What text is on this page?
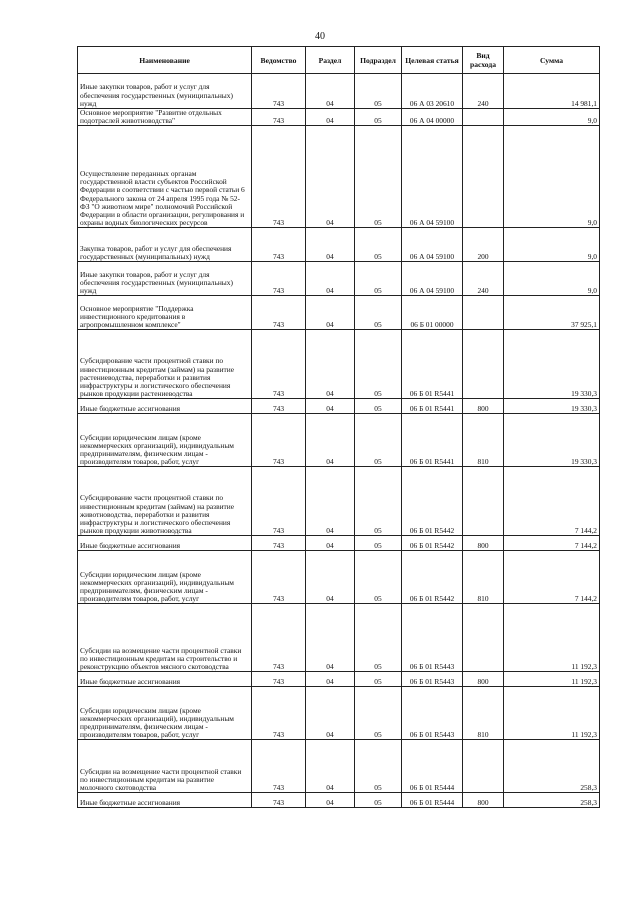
40
Наименование	Ведомство	Раздел	Подраздел	Целевая статья	Вид расхода	Сумма
Иные закупки товаров, работ и услуг для обеспечения государственных (муниципальных) нужд	743	04	05	06 А 03 20610	240	14 981,1
Основное мероприятие "Развитие отдельных подотраслей животноводства"	743	04	05	06 А 04 00000		9,0
Осуществление переданных органам государственной власти субъектов Российской Федерации в соответствии с частью первой статьи 6 Федерального закона от 24 апреля 1995 года № 52-ФЗ "О животном мире" полномочий Российской Федерации в области организации, регулирования и охраны водных биологических ресурсов	743	04	05	06 А 04 59100		9,0
Закупка товаров, работ и услуг для обеспечения государственных (муниципальных) нужд	743	04	05	06 А 04 59100	200	9,0
Иные закупки товаров, работ и услуг для обеспечения государственных (муниципальных) нужд	743	04	05	06 А 04 59100	240	9,0
Основное мероприятие "Поддержка инвестиционного кредитования в агропромышленном комплексе"	743	04	05	06 Б 01 00000		37 925,1
Субсидирование части процентной ставки по инвестиционным кредитам (займам) на развитие растениеводства, переработки и развития инфраструктуры и логистического обеспечения рынков продукции растениеводства	743	04	05	06 Б 01 R5441		19 330,3
Иные бюджетные ассигнования	743	04	05	06 Б 01 R5441	800	19 330,3
Субсидии юридическим лицам (кроме некоммерческих организаций), индивидуальным предпринимателям, физическим лицам - производителям товаров, работ, услуг	743	04	05	06 Б 01 R5441	810	19 330,3
Субсидирование части процентной ставки по инвестиционным кредитам (займам) на развитие животноводства, переработки и развития инфраструктуры и логистического обеспечения рынков продукции животноводства	743	04	05	06 Б 01 R5442		7 144,2
Иные бюджетные ассигнования	743	04	05	06 Б 01 R5442	800	7 144,2
Субсидии юридическим лицам (кроме некоммерческих организаций), индивидуальным предпринимателям, физическим лицам - производителям товаров, работ, услуг	743	04	05	06 Б 01 R5442	810	7 144,2
Субсидии на возмещение части процентной ставки по инвестиционным кредитам на строительство и реконструкцию объектов мясного скотоводства	743	04	05	06 Б 01 R5443		11 192,3
Иные бюджетные ассигнования	743	04	05	06 Б 01 R5443	800	11 192,3
Субсидии юридическим лицам (кроме некоммерческих организаций), индивидуальным предпринимателям, физическим лицам - производителям товаров, работ, услуг	743	04	05	06 Б 01 R5443	810	11 192,3
Субсидии на возмещение части процентной ставки по инвестиционным кредитам на развитие молочного скотоводства	743	04	05	06 Б 01 R5444		258,3
Иные бюджетные ассигнования	743	04	05	06 Б 01 R5444	800	258,3
